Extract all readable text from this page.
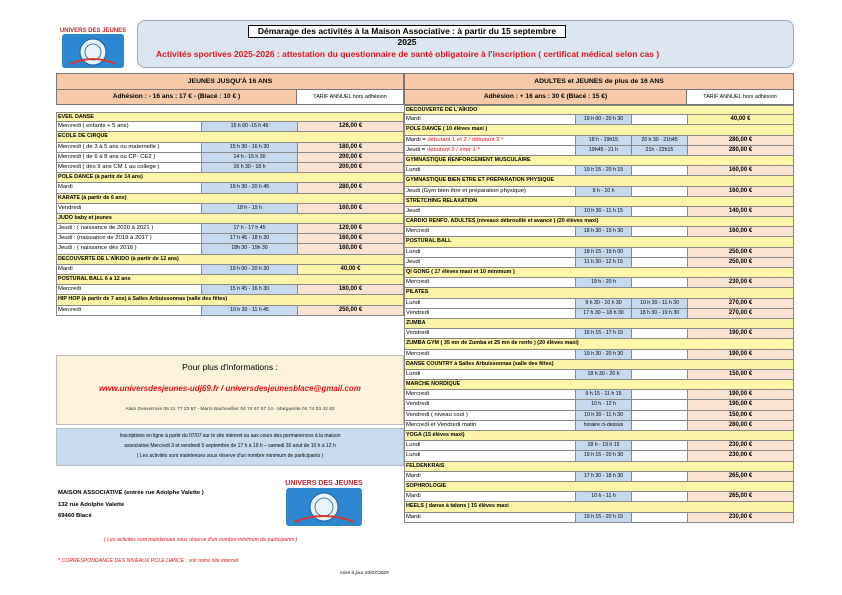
UNIVERS DES JEUNES	Démarage des activités à la Maison Associative : à partir du 15 septembre 2025
Activités sportives 2025-2026 : attestation du questionnaire de santé obligatoire à l'inscription ( certificat médical selon cas )
JEUNES JUSQU'À 16 ANS
Adhésion : - 16 ans : 17 € - (Blacé : 10 € )	TARIF ANNUEL hors adhésion
EVEIL DANSE
Mercredi ( enfants + 5 ans)	15 h 00 -15 h 45	126,00 €
ECOLE DE CIRQUE
Mercredi ( de 3 à 5 ans ou maternelle )	15 h 30 - 16 h 30	180,00 €
Mercredi ( de 6 à 8 ans ou CP- CE2 )	14 h - 15 h 30	200,00 €
Mercredi ( dès 9 ans CM 1 au college )	16 h 30 - 18 h	200,00 €
POLE DANCE (à partir de 14 ans)
Mardi	19 h 30 - 20 h 45	280,00 €
KARATE (à partir de 6 ans)
Vendredi	18 h - 19 h	160,00 €
JUDO baby et jeunes
Jeudi : ( naissance de 2020 à 2021 )	17 h - 17 h 45	120,00 €
Jeudi : (naissance de 2019 à 2017 )	17 h 45 - 18 h 30	160,00 €
Jeudi : ( naissance dès 2016 )	18h 30 - 19h 30	160,00 €
DECOUVERTE DE L'AÏKIDO (à partir de 12 ans)
Mardi	19 h 00 - 20 h 30	40,00 €
POSTURAL BALL 6 à 12 ans
Mercredi	15 h 45 - 16 h 30	160,00 €
HIP HOP (à partir de 7 ans) à Salles Arbuissonnas (salle des fêtes)
Mercredi	10 h 30 - 11 h 45	250,00 €
ADULTES et JEUNES de plus de 16 ANS
Adhésion : + 16 ans : 30 € (Blacé : 15 €)	TARIF ANNUEL hors adhésion
DECOUVERTE DE L'AÏKIDO
Mardi	19 h 00 - 20 h 30	40,00 €
POLE DANCE ( 10 élèves maxi )
Mardi = débutant 1 et 2 / débutant 2 *	18 h - 19h15	20 h 30 - 21h45	280,00 €
Jeudi = débutant 2 / inter 1 *	19h45 - 21 h	21h - 22h15	280,00 €
GYMNASTIQUE RENFORCEMENT MUSCULAIRE
Lundi	19 h 15 - 20 h 15	160,00 €
GYMNASTIQUE BIEN ETRE ET PREPARATION PHYSIQUE
Jeudi (Gym bien être et préparation physique)	9 h - 10 h	160,00 €
STRETCHING RELAXATION
Jeudi	10 h 30 - 11 h 15	140,00 €
CARDIO RENFO. ADULTES (niveaux débrouillé et avancé ) (20 élèves maxi)
Mercredi	18 h 30 - 19 h 30	160,00 €
POSTURAL BALL
Lundi	18 h 15 - 19 h 00	250,00 €
Jeudi	11 h 30 - 12 h 15	250,00 €
QI GONG ( 17 élèves maxi et 10 minimum )
Mercredi	19 h - 20 h	230,00 €
PILATES
Lundi	9 h 30 - 10 h 30	10 h 30 - 11 h 30	270,00 €
Vendredi	17 h 30 – 18 h 30	18 h 30 - 19 h 30	270,00 €
ZUMBA
Vendredi	16 h 15 - 17 h 15	190,00 €
ZUMBA GYM ( 35 mn de Zumba et 25 mn de renfo ) (20 élèves maxi)
Mercredi	19 h 30 - 20 h 30	190,00 €
DANSE COUNTRY à Salles Arbuissonnas (salle des fêtes)
Lundi	18 h 30 - 20 h	150,00 €
MARCHE NORDIQUE
Mercredi	9 h 15 - 11 h 15	190,00 €
Vendredi	10 h - 12 h	190,00 €
Vendredi ( niveau cool )	10 h 30 - 11 h 30	150,00 €
Mercredi et Vendredi matin	horaire ci-dessus	280,00 €
YOGA (15 élèves maxi)
Lundi	18 h - 19 h 15	230,00 €
Lundi	19 h 15 - 20 h 30	230,00 €
FELDENKRAIS
Mardi	17 h 30 - 18 h 30	265,00 €
SOPHROLOGIE
Mardi	10 h - 11 h	265,00 €
HEELS ( danse à talons ) 15 élèves maxi
Mardi	19 h 15 - 20 h 15	230,00 €
Pour plus d'informations :
www.universdesjeunes-udj69.fr / universdesjeunesblace@gmail.com
Alain Desvernois 06 31 77 23 57 - Mario Bachevillier 04 74 67 57 14 - Marguerite 04 74 03 42 82
Inscriptions en ligne à partir du 07/07 sur le site internet ou aux cours des permanences à la maison
associative Mercredi 3 et vendredi 5 septembre de 17 h à 19 h – samedi 30 aout de 10 h à 12 h
( Les activités sont maintenues sous réserve d'un nombre minimum de participants )
MAISON ASSOCIATIVE (entrée rue Adolphe Valette )
132 rue Adolphe Valette
69460 Blacé
UNIVERS DES JEUNES
( Les activités sont maintenues sous réserve d'un nombre minimum de participants )
* CORRESPONDANCE DES NIVEAUX POLE DANCE : voir notre site internet
mise à jour 03/07/2025
